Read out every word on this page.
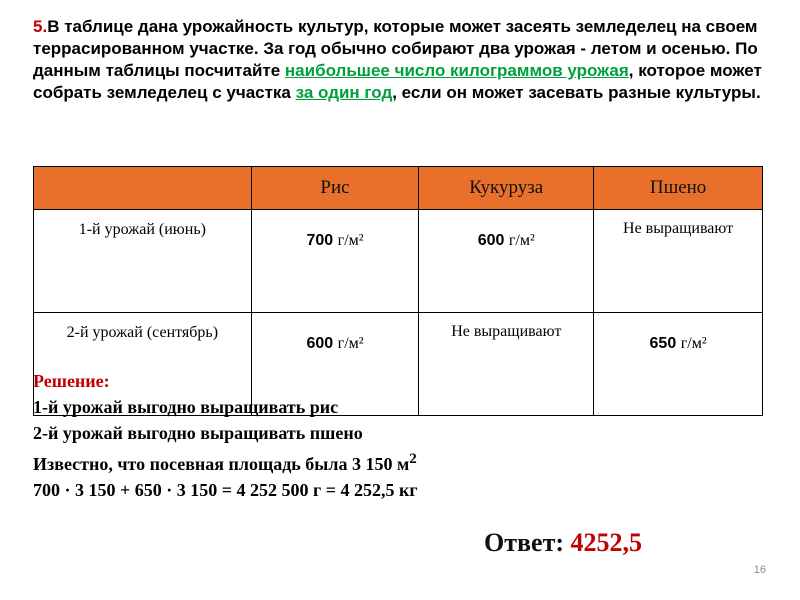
5.В таблице дана урожайность культур, которые может засеять земледелец на своем террасированном участке. За год обычно собирают два урожая - летом и осенью. По данным таблицы посчитайте наибольшее число килограммов урожая, которое может собрать земледелец с участка за один год, если он может засевать разные культуры.
	Рис	Кукуруза	Пшено
1-й урожай (июнь)	700 г/м²	600 г/м²	Не выращивают
2-й урожай (сентябрь)	600 г/м²	Не выращивают	650 г/м²
Решение:
1-й урожай выгодно выращивать рис
2-й урожай выгодно выращивать пшено
Известно, что посевная площадь была 3 150 $м^2$
700 · 3 150 + 650 · 3 150 = 4 252 500 г = 4 252,5 кг
Ответ: 4252,5
16
